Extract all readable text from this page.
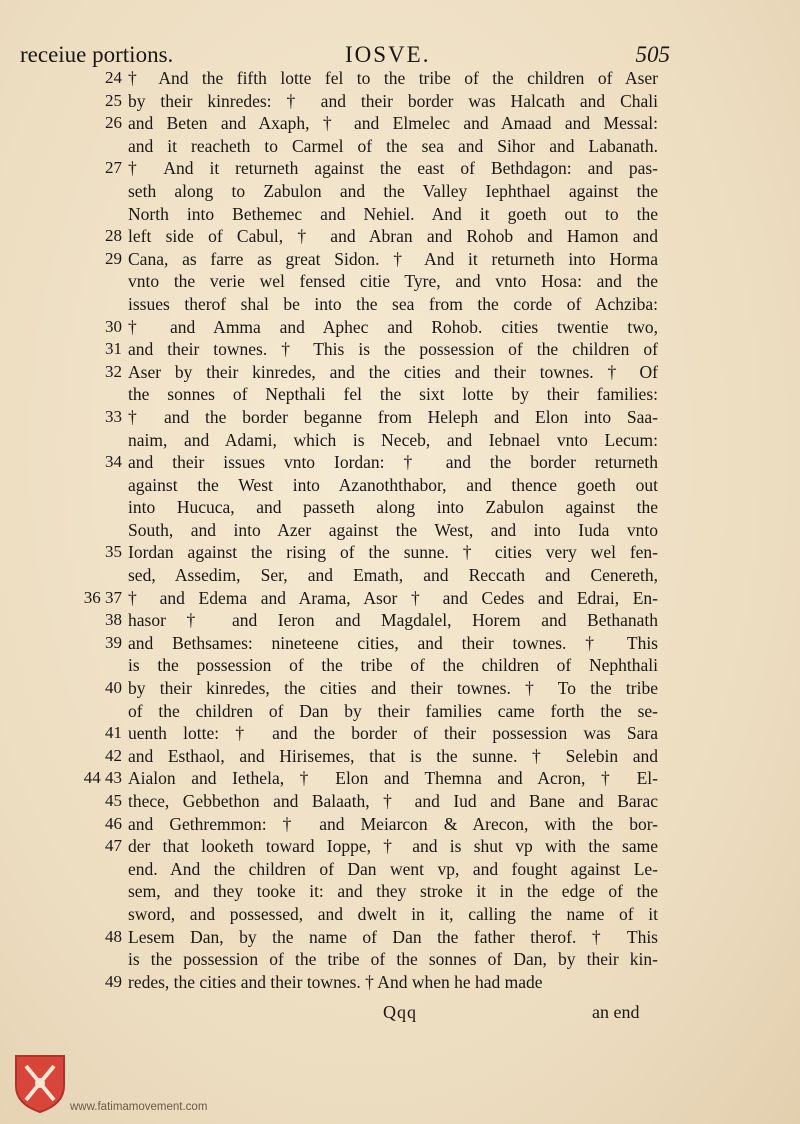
receiue portions.	IOSVE.	505
24 † And the fifth lotte fel to the tribe of the children of Aser
25 by their kinredes: † and their border was Halcath and Chali
26 and Beten and Axaph, † and Elmelec and Amaad and Messal:
and it reacheth to Carmel of the sea and Sihor and Labanath.
27 † And it returneth against the east of Bethdagon: and pas-
seth along to Zabulon and the Valley Iephthael against the
North into Bethemec and Nehiel. And it goeth out to the
28 left side of Cabul, † and Abran and Rohob and Hamon and
29 Cana, as farre as great Sidon. † And it returneth into Horma
vnto the verie wel fensed citie Tyre, and vnto Hosa: and the
issues therof shal be into the sea from the corde of Achziba:
30 † and Amma and Aphec and Rohob. cities twentie two,
31 and their townes. † This is the possession of the children of
32 Aser by their kinredes, and the cities and their townes. † Of
the sonnes of Nepthali fel the sixt lotte by their families:
33 † and the border beganne from Heleph and Elon into Saa-
naim, and Adami, which is Neceb, and Iebnael vnto Lecum:
34 and their issues vnto Iordan: † and the border returneth
against the West into Azanoththabor, and thence goeth out
into Hucuca, and passeth along into Zabulon against the
South, and into Azer against the West, and into Iuda vnto
35 Iordan against the rising of the sunne. † cities very wel fen-
sed, Assedim, Ser, and Emath, and Reccath and Cenereth,
36 37 † and Edema and Arama, Asor † and Cedes and Edrai, En-
38 hasor † and Ieron and Magdalel, Horem and Bethanath
39 and Bethsames: nineteene cities, and their townes. † This
is the possession of the tribe of the children of Nephthali
40 by their kinredes, the cities and their townes. † To the tribe
of the children of Dan by their families came forth the se-
41 uenth lotte: † and the border of their possession was Sara
42 and Esthaol, and Hirisemes, that is the sunne. † Selebin and
44 43 Aialon and Iethela, † Elon and Themna and Acron, † El-
45 thece, Gebbethon and Balaath, † and Iud and Bane and Barac
46 and Gethremmon: † and Meiarcon & Arecon, with the bor-
47 der that looketh toward Ioppe, † and is shut vp with the same
end. And the children of Dan went vp, and fought against Le-
sem, and they tooke it: and they stroke it in the edge of the
sword, and possessed, and dwelt in it, calling the name of it
48 Lesem Dan, by the name of Dan the father therof. † This
is the possession of the tribe of the sonnes of Dan, by their kin-
49 redes, the cities and their townes. † And when he had made
Qqq	an end
www.fatimamovement.com
